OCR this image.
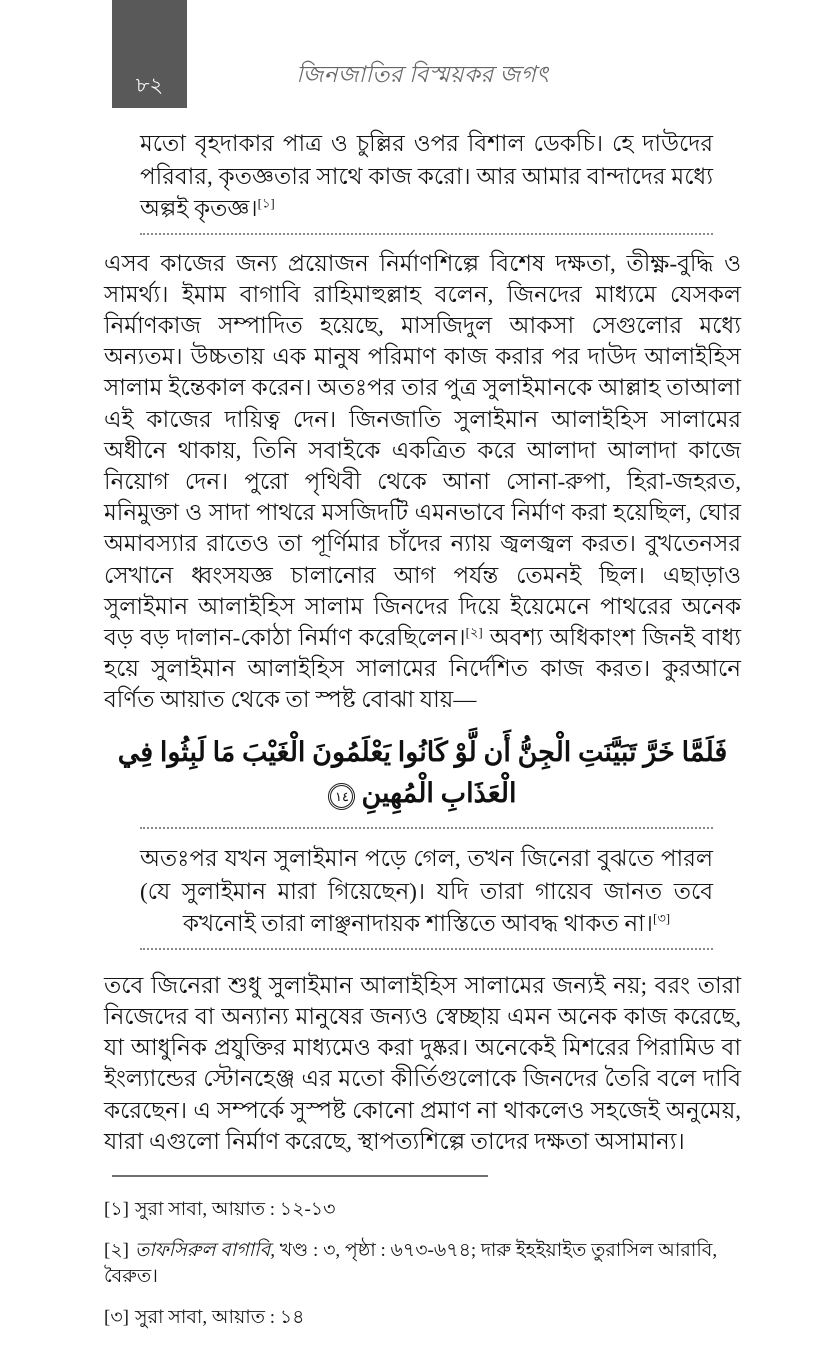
৮২	জিনজাতির বিস্ময়কর জগৎ
মতো বৃহদাকার পাত্র ও চুল্লির ওপর বিশাল ডেকচি। হে দাউদের পরিবার, কৃতজ্ঞতার সাথে কাজ করো। আর আমার বান্দাদের মধ্যে অল্পই কৃতজ্ঞ।[১]

এসব কাজের জন্য প্রয়োজন নির্মাণশিল্পে বিশেষ দক্ষতা, তীক্ষ্ণ-বুদ্ধি ও সামর্থ্য। ইমাম বাগাবি রাহিমাহুল্লাহ বলেন, জিনদের মাধ্যমে যেসকল নির্মাণকাজ সম্পাদিত হয়েছে, মাসজিদুল আকসা সেগুলোর মধ্যে অন্যতম। উচ্চতায় এক মানুষ পরিমাণ কাজ করার পর দাউদ আলাইহিস সালাম ইন্তেকাল করেন। অতঃপর তার পুত্র সুলাইমানকে আল্লাহ তাআলা এই কাজের দায়িত্ব দেন। জিনজাতি সুলাইমান আলাইহিস সালামের অধীনে থাকায়, তিনি সবাইকে একত্রিত করে আলাদা আলাদা কাজে নিয়োগ দেন। পুরো পৃথিবী থেকে আনা সোনা-রুপা, হিরা-জহরত, মনিমুক্তা ও সাদা পাথরে মসজিদটি এমনভাবে নির্মাণ করা হয়েছিল, ঘোর অমাবস্যার রাতেও তা পূর্ণিমার চাঁদের ন্যায় জ্বলজ্বল করত। বুখতেনসর সেখানে ধ্বংসযজ্ঞ চালানোর আগ পর্যন্ত তেমনই ছিল। এছাড়াও সুলাইমান আলাইহিস সালাম জিনদের দিয়ে ইয়েমেনে পাথরের অনেক বড় বড় দালান-কোঠা নির্মাণ করেছিলেন।[২] অবশ্য অধিকাংশ জিনই বাধ্য হয়ে সুলাইমান আলাইহিস সালামের নির্দেশিত কাজ করত। কুরআনে বর্ণিত আয়াত থেকে তা স্পষ্ট বোঝা যায়—

فَلَمَّا خَرَّ تَبَيَّنَتِ الْجِنُّ أَن لَّوْ كَانُوا يَعْلَمُونَ الْغَيْبَ مَا لَبِثُوا فِي الْعَذَابِ الْمُهِينِ١٤
অতঃপর যখন সুলাইমান পড়ে গেল, তখন জিনেরা বুঝতে পারল (যে সুলাইমান মারা গিয়েছেন)। যদি তারা গায়েব জানত তবে কখনোই তারা লাঞ্ছনাদায়ক শাস্তিতে আবদ্ধ থাকত না।[৩]

তবে জিনেরা শুধু সুলাইমান আলাইহিস সালামের জন্যই নয়; বরং তারা নিজেদের বা অন্যান্য মানুষের জন্যও স্বেচ্ছায় এমন অনেক কাজ করেছে, যা আধুনিক প্রযুক্তির মাধ্যমেও করা দুষ্কর। অনেকেই মিশরের পিরামিড বা ইংল্যান্ডের স্টোনহেঞ্জ এর মতো কীর্তিগুলোকে জিনদের তৈরি বলে দাবি করেছেন। এ সম্পর্কে সুস্পষ্ট কোনো প্রমাণ না থাকলেও সহজেই অনুমেয়, যারা এগুলো নির্মাণ করেছে, স্থাপত্যশিল্পে তাদের দক্ষতা অসামান্য।

[১] সুরা সাবা, আয়াত : ১২-১৩
[২] তাফসিরুল বাগাবি, খণ্ড : ৩, পৃষ্ঠা : ৬৭৩-৬৭৪; দারু ইহইয়াইত তুরাসিল আরাবি, বৈরুত।
[৩] সুরা সাবা, আয়াত : ১৪
